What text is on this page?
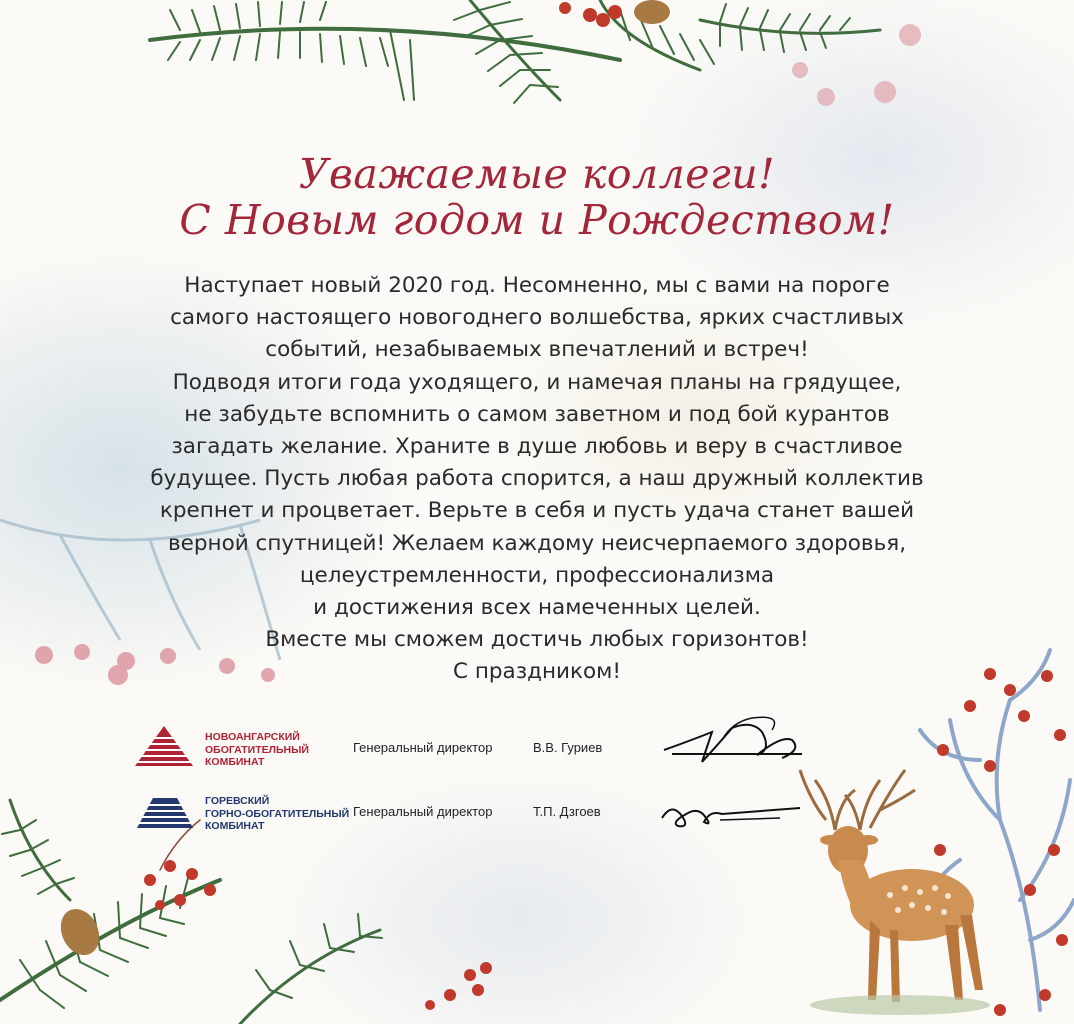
Уважаемые коллеги!
С Новым годом и Рождеством!

Наступает новый 2020 год. Несомненно, мы с вами на пороге
самого настоящего новогоднего волшебства, ярких счастливых
событий, незабываемых впечатлений и встреч!
Подводя итоги года уходящего, и намечая планы на грядущее,
не забудьте вспомнить о самом заветном и под бой курантов
загадать желание. Храните в душе любовь и веру в счастливое
будущее. Пусть любая работа спорится, а наш дружный коллектив
крепнет и процветает. Верьте в себя и пусть удача станет вашей
верной спутницей! Желаем каждому неисчерпаемого здоровья,
целеустремленности, профессионализма
и достижения всех намеченных целей.
Вместе мы сможем достичь любых горизонтов!
С праздником!

НОВОАНГАРСКИЙ
ОБОГАТИТЕЛЬНЫЙ
КОМБИНАТ
Генеральный директор	В.В. Гуриев
ГОРЕВСКИЙ
ГОРНО-ОБОГАТИТЕЛЬНЫЙ
КОМБИНАТ
Генеральный директор	Т.П. Дзгоев
